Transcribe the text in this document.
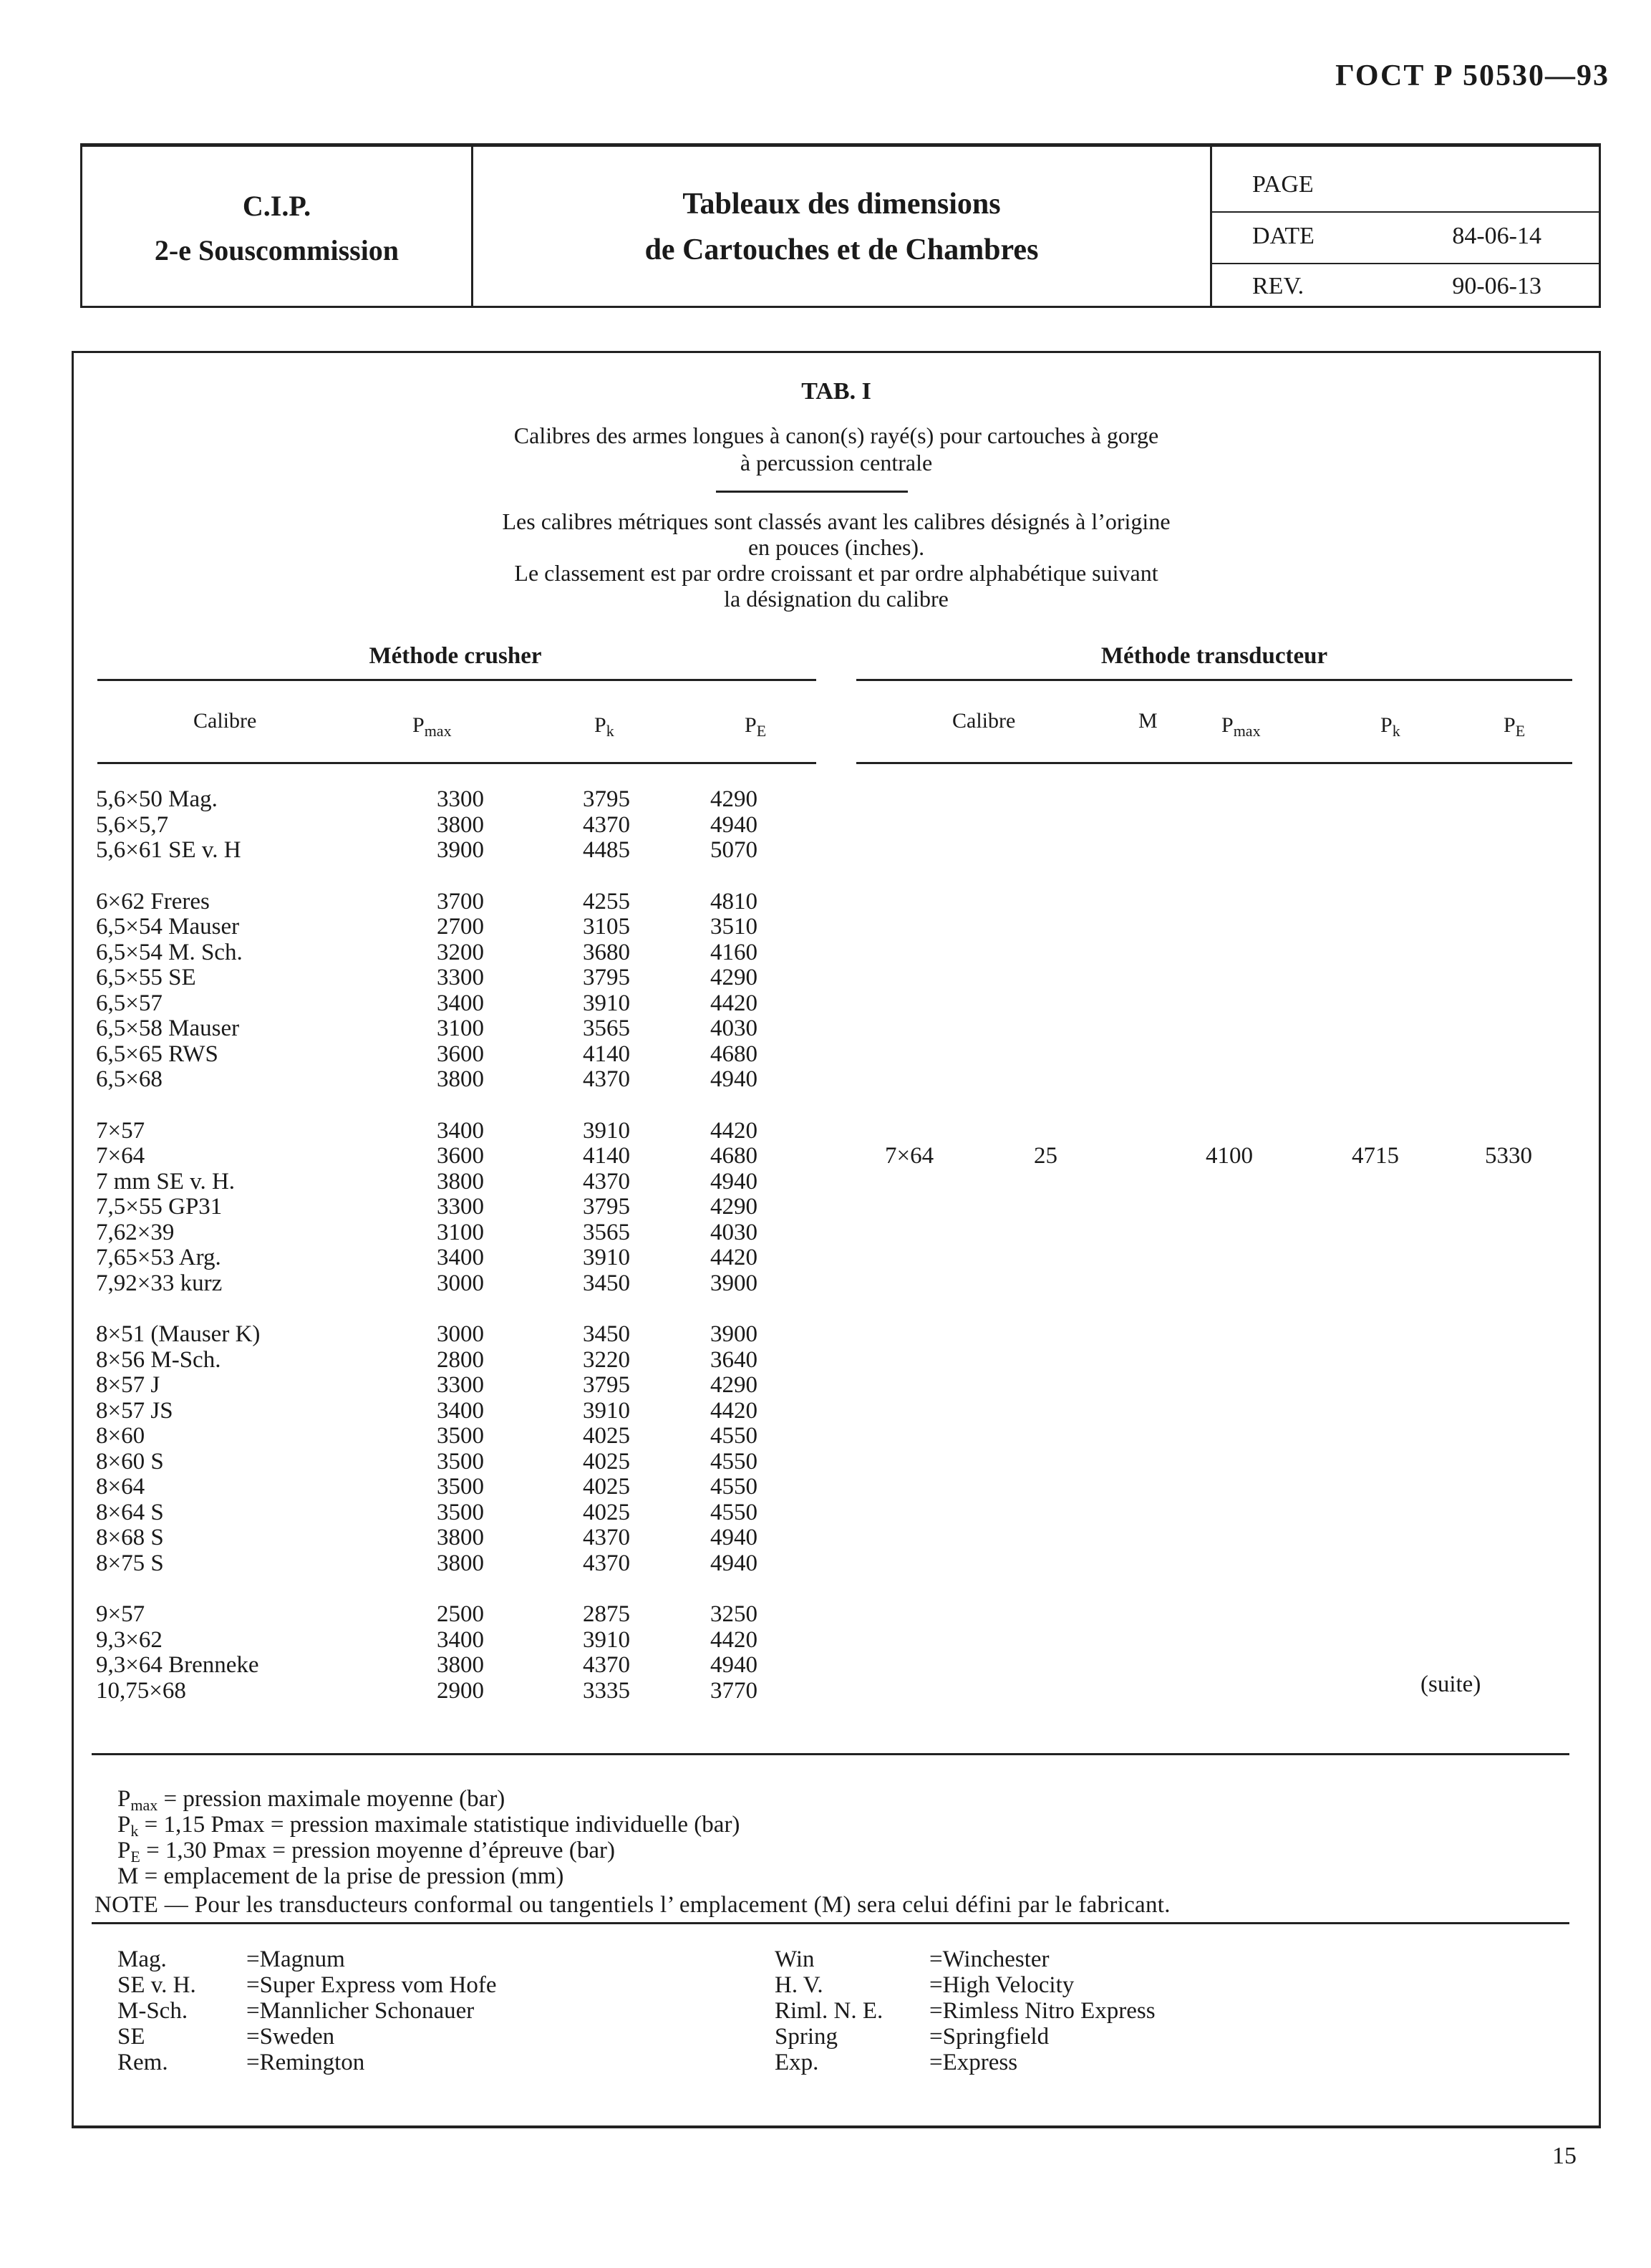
ГОСТ Р 50530—93
C.I.P.
2-e Souscommission
Tableaux des dimensions
de Cartouches et de Chambres
PAGE
DATE	84-06-14
REV.	90-06-13
TAB. I
Calibres des armes longues à canon(s) rayé(s) pour cartouches à gorge
à percussion centrale
Les calibres métriques sont classés avant les calibres désignés à l’origine
en pouces (inches).
Le classement est par ordre croissant et par ordre alphabétique suivant
la désignation du calibre
Méthode crusher	Méthode transducteur
Calibre	$P_{max}$	$P_k$	$P_E$	Calibre	M	$P_{max}$	$P_k$	$P_E$
5,6×50 Mag.	3300	3795	4290
5,6×5,7	3800	4370	4940
5,6×61 SE v. H	3900	4485	5070
6×62 Freres	3700	4255	4810
6,5×54 Mauser	2700	3105	3510
6,5×54 M. Sch.	3200	3680	4160
6,5×55 SE	3300	3795	4290
6,5×57	3400	3910	4420
6,5×58 Mauser	3100	3565	4030
6,5×65 RWS	3600	4140	4680
6,5×68	3800	4370	4940
7×57	3400	3910	4420
7×64	3600	4140	4680
7 mm SE v. H.	3800	4370	4940
7,5×55 GP31	3300	3795	4290
7,62×39	3100	3565	4030
7,65×53 Arg.	3400	3910	4420
7,92×33 kurz	3000	3450	3900
8×51 (Mauser K)	3000	3450	3900
8×56 M-Sch.	2800	3220	3640
8×57 J	3300	3795	4290
8×57 JS	3400	3910	4420
8×60	3500	4025	4550
8×60 S	3500	4025	4550
8×64	3500	4025	4550
8×64 S	3500	4025	4550
8×68 S	3800	4370	4940
8×75 S	3800	4370	4940
9×57	2500	2875	3250
9,3×62	3400	3910	4420
9,3×64 Brenneke	3800	4370	4940
10,75×68	2900	3335	3770
7×64	25	4100	4715	5330
(suite)
$P_{max}$ = pression maximale moyenne (bar)
$P_k = 1,15$ Pmax = pression maximale statistique individuelle (bar)
$P_E = 1,30$ Pmax = pression moyenne d’épreuve (bar)
M = emplacement de la prise de pression (mm)
NOTE — Pour les transducteurs conformal ou tangentiels l’ emplacement (M) sera celui défini par le fabricant.
Mag.	=Magnum
SE v. H. =Super Express vom Hofe
M-Sch. =Mannlicher Schonauer
SE	=Sweden
Rem.	=Remington
Win	=Winchester
H. V.	=High Velocity
Riml. N. E. =Rimless Nitro Express
Spring	=Springfield
Exp.	=Express
15
